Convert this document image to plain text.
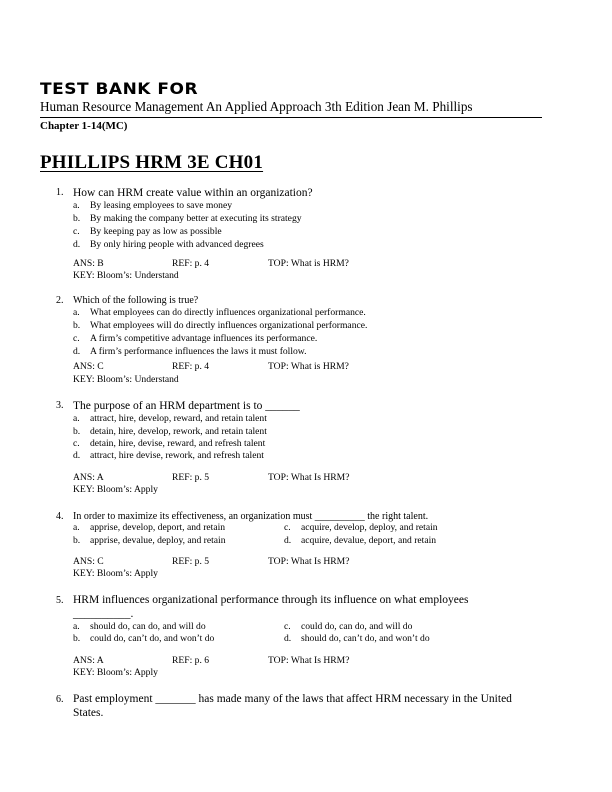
TEST BANK FOR
Human Resource Management An Applied Approach 3th Edition Jean M. Phillips
Chapter 1-14(MC)
PHILLIPS HRM 3E CH01
1. How can HRM create value within an organization?
a. By leasing employees to save money
b. By making the company better at executing its strategy
c. By keeping pay as low as possible
d. By only hiring people with advanced degrees
ANS: B	REF: p. 4	TOP: What is HRM?
KEY: Bloom’s: Understand
2. Which of the following is true?
a. What employees can do directly influences organizational performance.
b. What employees will do directly influences organizational performance.
c. A firm’s competitive advantage influences its performance.
d. A firm’s performance influences the laws it must follow.
ANS: C	REF: p. 4	TOP: What is HRM?
KEY: Bloom’s: Understand
3. The purpose of an HRM department is to ______
a. attract, hire, develop, reward, and retain talent
b. detain, hire, develop, rework, and retain talent
c. detain, hire, devise, reward, and refresh talent
d. attract, hire devise, rework, and refresh talent
ANS: A	REF: p. 5	TOP: What Is HRM?
KEY: Bloom’s: Apply
4. In order to maximize its effectiveness, an organization must __________ the right talent.
a. apprise, develop, deport, and retain
b. apprise, devalue, deploy, and retain
c. acquire, develop, deploy, and retain
d. acquire, devalue, deport, and retain
ANS: C	REF: p. 5	TOP: What Is HRM?
KEY: Bloom’s: Apply
5. HRM influences organizational performance through its influence on what employees __________.
a. should do, can do, and will do
b. could do, can’t do, and won’t do
c. could do, can do, and will do
d. should do, can’t do, and won’t do
ANS: A	REF: p. 6	TOP: What Is HRM?
KEY: Bloom’s: Apply
6. Past employment _______ has made many of the laws that affect HRM necessary in the United States.
